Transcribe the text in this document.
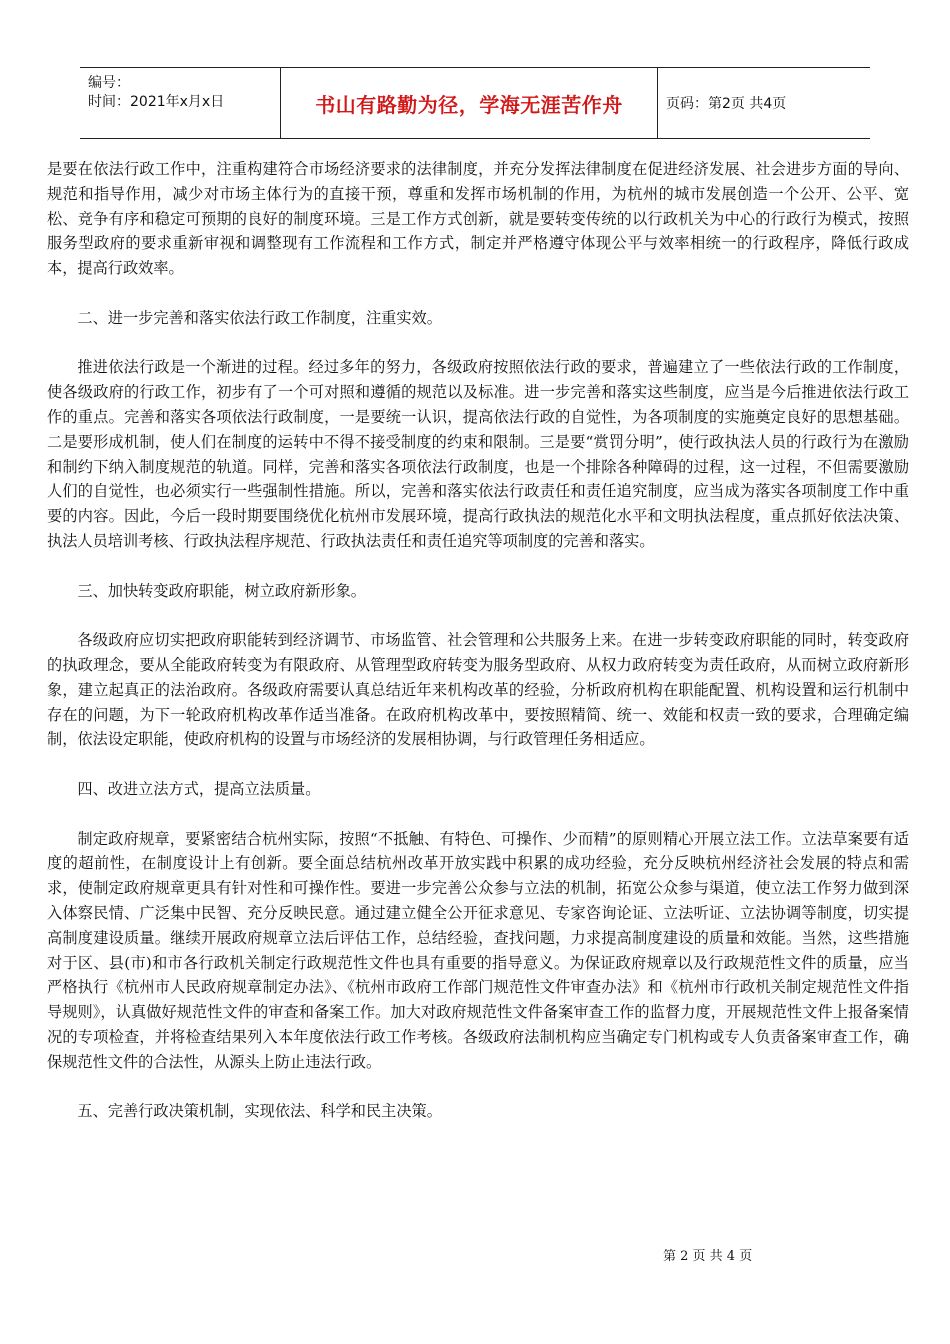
编号：
时间：2021年x月x日	书山有路勤为径，学海无涯苦作舟	页码：第2页 共4页

是要在依法行政工作中，注重构建符合市场经济要求的法律制度，并充分发挥法律制度在促进经济发展、社会进步方面的导向、规范和指导作用，减少对市场主体行为的直接干预，尊重和发挥市场机制的作用，为杭州的城市发展创造一个公开、公平、宽松、竞争有序和稳定可预期的良好的制度环境。三是工作方式创新，就是要转变传统的以行政机关为中心的行政行为模式，按照服务型政府的要求重新审视和调整现有工作流程和工作方式，制定并严格遵守体现公平与效率相统一的行政程序，降低行政成本，提高行政效率。

二、进一步完善和落实依法行政工作制度，注重实效。

推进依法行政是一个渐进的过程。经过多年的努力，各级政府按照依法行政的要求，普遍建立了一些依法行政的工作制度，使各级政府的行政工作，初步有了一个可对照和遵循的规范以及标准。进一步完善和落实这些制度，应当是今后推进依法行政工作的重点。完善和落实各项依法行政制度，一是要统一认识，提高依法行政的自觉性，为各项制度的实施奠定良好的思想基础。二是要形成机制，使人们在制度的运转中不得不接受制度的约束和限制。三是要“赏罚分明”，使行政执法人员的行政行为在激励和制约下纳入制度规范的轨道。同样，完善和落实各项依法行政制度，也是一个排除各种障碍的过程，这一过程，不但需要激励人们的自觉性，也必须实行一些强制性措施。所以，完善和落实依法行政责任和责任追究制度，应当成为落实各项制度工作中重要的内容。因此，今后一段时期要围绕优化杭州市发展环境，提高行政执法的规范化水平和文明执法程度，重点抓好依法决策、执法人员培训考核、行政执法程序规范、行政执法责任和责任追究等项制度的完善和落实。

三、加快转变政府职能，树立政府新形象。

各级政府应切实把政府职能转到经济调节、市场监管、社会管理和公共服务上来。在进一步转变政府职能的同时，转变政府的执政理念，要从全能政府转变为有限政府、从管理型政府转变为服务型政府、从权力政府转变为责任政府，从而树立政府新形象，建立起真正的法治政府。各级政府需要认真总结近年来机构改革的经验，分析政府机构在职能配置、机构设置和运行机制中存在的问题，为下一轮政府机构改革作适当准备。在政府机构改革中，要按照精简、统一、效能和权责一致的要求，合理确定编制，依法设定职能，使政府机构的设置与市场经济的发展相协调，与行政管理任务相适应。

四、改进立法方式，提高立法质量。

制定政府规章，要紧密结合杭州实际，按照“不抵触、有特色、可操作、少而精”的原则精心开展立法工作。立法草案要有适度的超前性，在制度设计上有创新。要全面总结杭州改革开放实践中积累的成功经验，充分反映杭州经济社会发展的特点和需求，使制定政府规章更具有针对性和可操作性。要进一步完善公众参与立法的机制，拓宽公众参与渠道，使立法工作努力做到深入体察民情、广泛集中民智、充分反映民意。通过建立健全公开征求意见、专家咨询论证、立法听证、立法协调等制度，切实提高制度建设质量。继续开展政府规章立法后评估工作，总结经验，查找问题，力求提高制度建设的质量和效能。当然，这些措施对于区、县(市)和市各行政机关制定行政规范性文件也具有重要的指导意义。为保证政府规章以及行政规范性文件的质量，应当严格执行《杭州市人民政府规章制定办法》、《杭州市政府工作部门规范性文件审查办法》和《杭州市行政机关制定规范性文件指导规则》，认真做好规范性文件的审查和备案工作。加大对政府规范性文件备案审查工作的监督力度，开展规范性文件上报备案情况的专项检查，并将检查结果列入本年度依法行政工作考核。各级政府法制机构应当确定专门机构或专人负责备案审查工作，确保规范性文件的合法性，从源头上防止违法行政。

五、完善行政决策机制，实现依法、科学和民主决策。

第 2 页 共 4 页
